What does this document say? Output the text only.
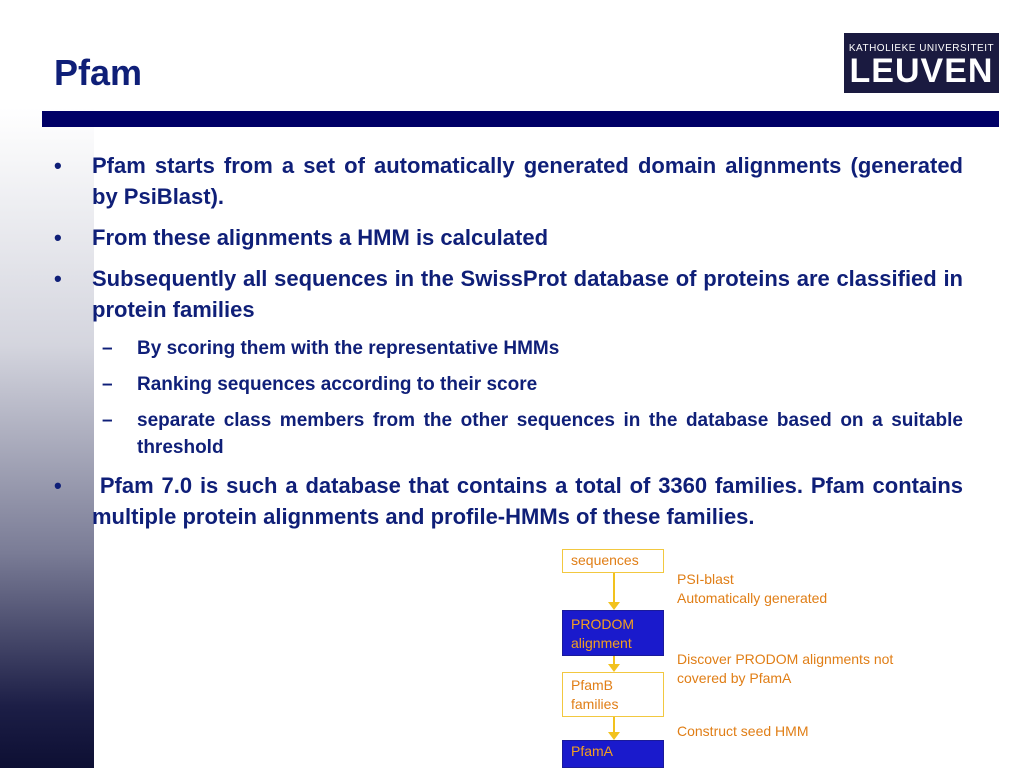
Pfam
KATHOLIEKE UNIVERSITEIT
LEUVEN
• Pfam starts from a set of automatically generated domain alignments (generated by PsiBlast).
• From these alignments a HMM is calculated
• Subsequently all sequences in the SwissProt database of proteins are classified in protein families
– By scoring them with the representative HMMs
– Ranking sequences according to their score
– separate class members from the other sequences in the database based on a suitable threshold
• Pfam 7.0 is such a database that contains a total of 3360 families. Pfam contains multiple protein alignments and profile-HMMs of these families.
sequences
PRODOM
alignment
PfamB
families
PfamA
PSI-blast
Automatically generated
Discover PRODOM alignments not
covered by PfamA
Construct seed HMM
